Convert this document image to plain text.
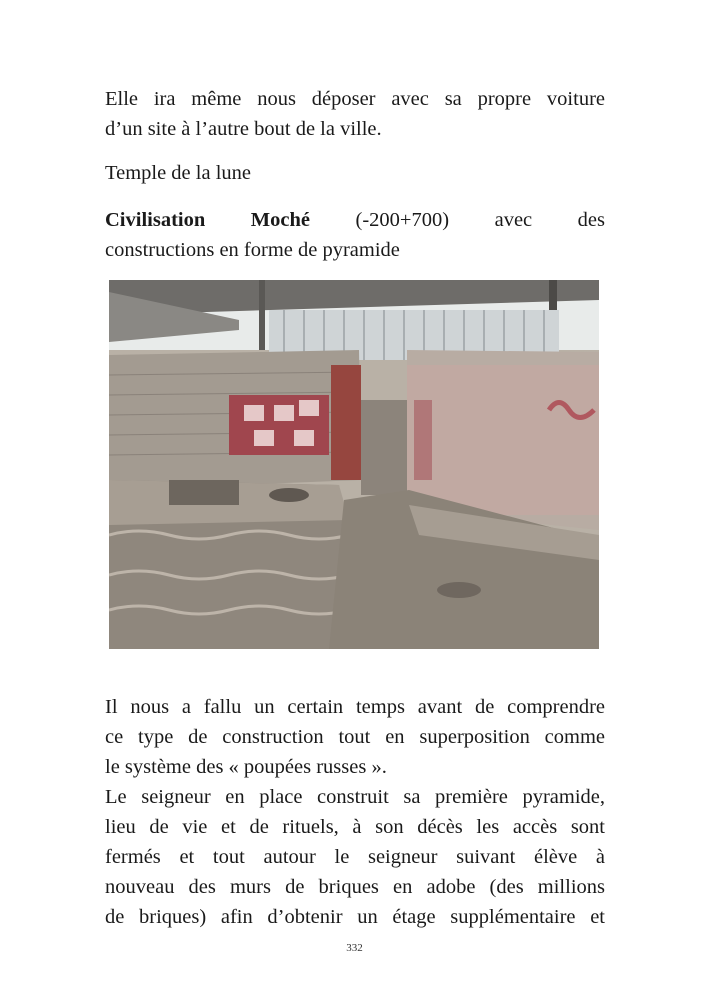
Elle ira même nous déposer avec sa propre voiture
d’un site à l’autre bout de la ville.
Temple de la lune
Civilisation Moché (-200+700) avec des
constructions en forme de pyramide
Il nous a fallu un certain temps avant de comprendre
ce type de construction tout en superposition comme
le système des « poupées russes ».
Le seigneur en place construit sa première pyramide,
lieu de vie et de rituels, à son décès les accès sont
fermés et tout autour le seigneur suivant élève à
nouveau des murs de briques en adobe (des millions
de briques) afin d’obtenir un étage supplémentaire et
332
